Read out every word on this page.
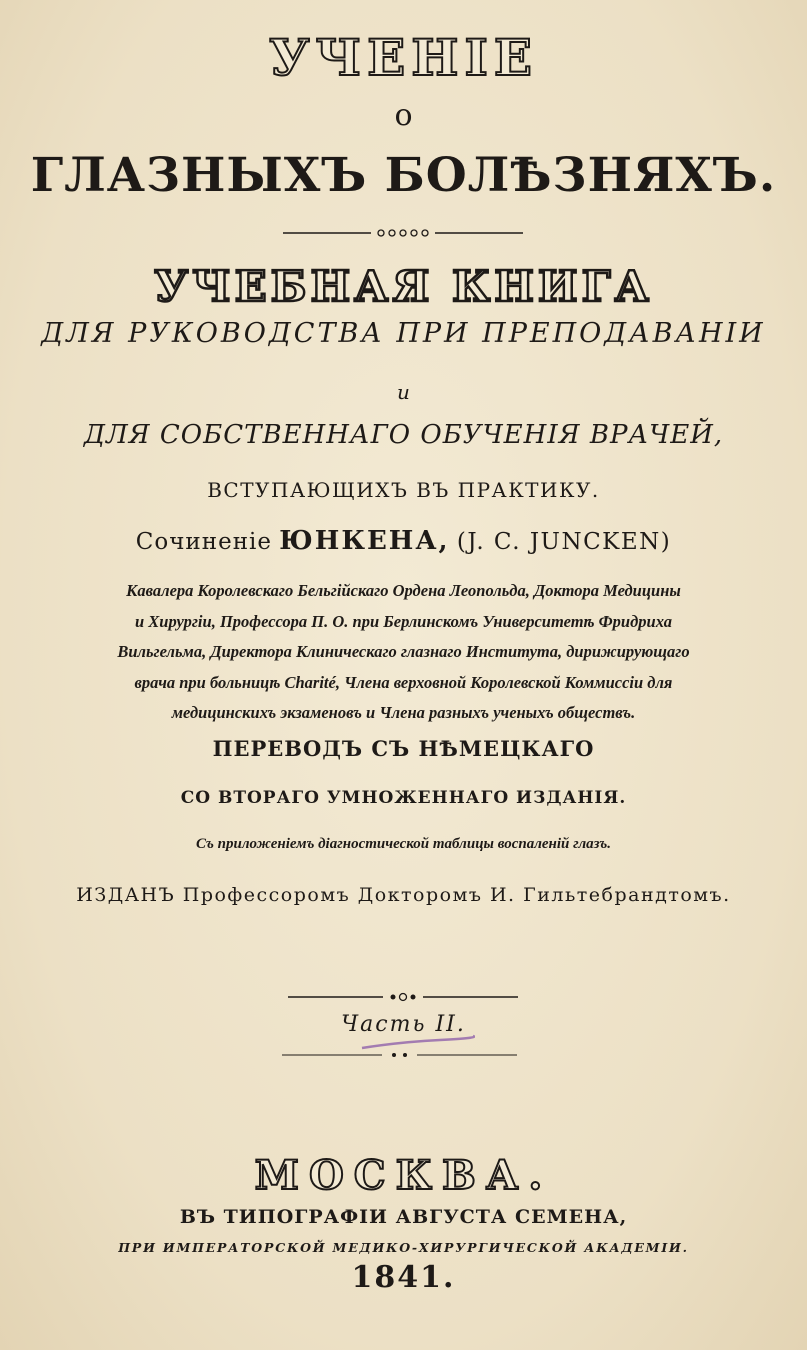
УЧЕНІЕ
о
ГЛАЗНЫХЪ БОЛѢЗНЯХЪ.
УЧЕБНАЯ КНИГА
ДЛЯ РУКОВОДСТВА ПРИ ПРЕПОДАВАНІИ
и
ДЛЯ СОБСТВЕННАГО ОБУЧЕНІЯ ВРАЧЕЙ,
ВСТУПАЮЩИХЪ ВЪ ПРАКТИКУ.
Сочиненіе ЮНКЕНА, (J. C. JUNCKEN)
Кавалера Королевскаго Бельгійскаго Ордена Леопольда, Доктора Медицины
и Хирургіи, Профессора П. О. при Берлинскомъ Университетѣ Фридриха
Вильгельма, Директора Клиническаго глазнаго Института, дирижирующаго
врача при больницѣ Charité, Члена верховной Королевской Коммиссіи для
медицинскихъ экзаменовъ и Члена разныхъ ученыхъ обществъ.
ПЕРЕВОДЪ СЪ НѢМЕЦКАГО
СО ВТОРАГО УМНОЖЕННАГО ИЗДАНІЯ.
Съ приложеніемъ діагностической таблицы воспаленій глазъ.
ИЗДАНЪ Профессоромъ Докторомъ И. Гильтебрандтомъ.
Часть II.
МОСКВА.
ВЪ ТИПОГРАФІИ АВГУСТА СЕМЕНА,
ПРИ ИМПЕРАТОРСКОЙ МЕДИКО-ХИРУРГИЧЕСКОЙ АКАДЕМІИ.
1841.
